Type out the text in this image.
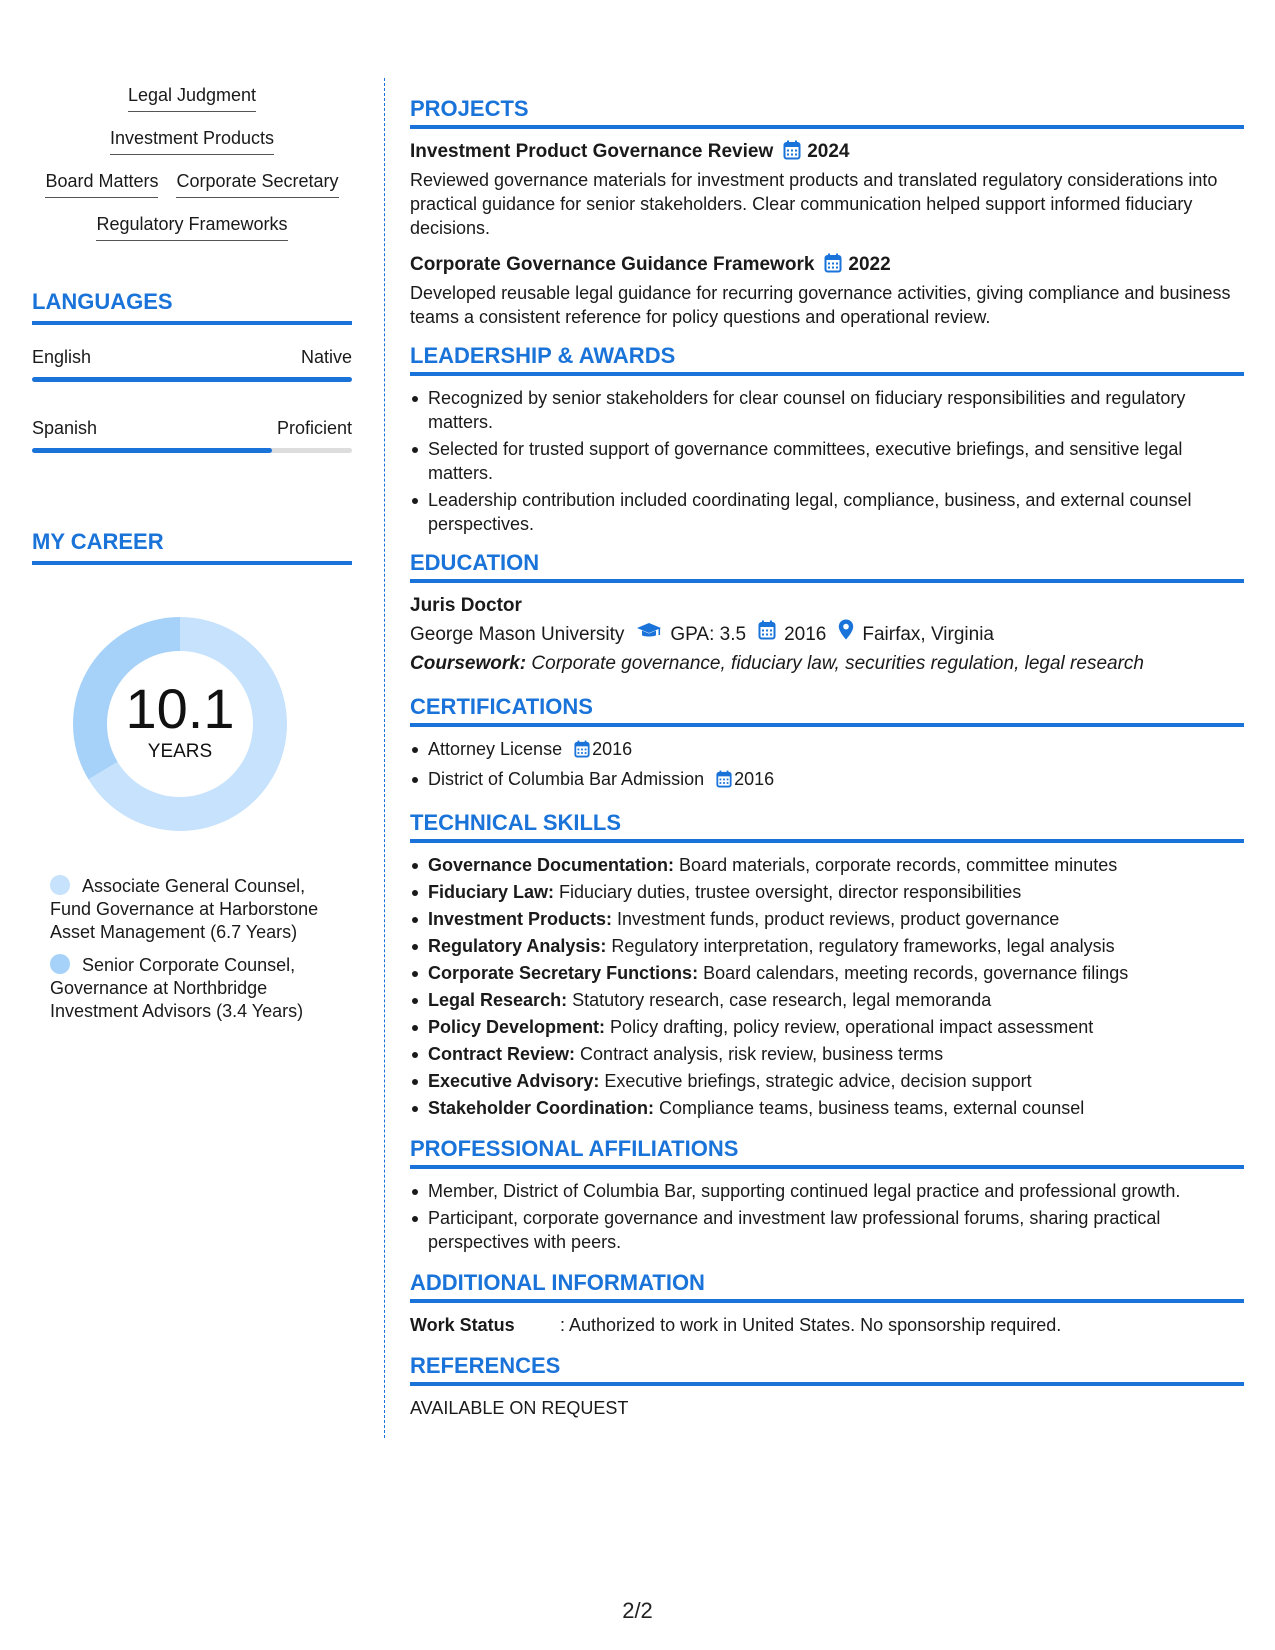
Legal Judgment
Investment Products
Board Matters Corporate Secretary
Regulatory Frameworks
LANGUAGES
English	Native
Spanish	Proficient
MY CAREER
10.1
YEARS
Associate General Counsel, Fund Governance at Harborstone Asset Management (6.7 Years)
Senior Corporate Counsel, Governance at Northbridge Investment Advisors (3.4 Years)
PROJECTS
Investment Product Governance Review 2024
Reviewed governance materials for investment products and translated regulatory considerations into practical guidance for senior stakeholders. Clear communication helped support informed fiduciary decisions.
Corporate Governance Guidance Framework 2022
Developed reusable legal guidance for recurring governance activities, giving compliance and business teams a consistent reference for policy questions and operational review.
LEADERSHIP & AWARDS
Recognized by senior stakeholders for clear counsel on fiduciary responsibilities and regulatory matters.
Selected for trusted support of governance committees, executive briefings, and sensitive legal matters.
Leadership contribution included coordinating legal, compliance, business, and external counsel perspectives.
EDUCATION
Juris Doctor
George Mason University GPA: 3.5 2016 Fairfax, Virginia
Coursework: Corporate governance, fiduciary law, securities regulation, legal research
CERTIFICATIONS
Attorney License 2016
District of Columbia Bar Admission 2016
TECHNICAL SKILLS
Governance Documentation: Board materials, corporate records, committee minutes
Fiduciary Law: Fiduciary duties, trustee oversight, director responsibilities
Investment Products: Investment funds, product reviews, product governance
Regulatory Analysis: Regulatory interpretation, regulatory frameworks, legal analysis
Corporate Secretary Functions: Board calendars, meeting records, governance filings
Legal Research: Statutory research, case research, legal memoranda
Policy Development: Policy drafting, policy review, operational impact assessment
Contract Review: Contract analysis, risk review, business terms
Executive Advisory: Executive briefings, strategic advice, decision support
Stakeholder Coordination: Compliance teams, business teams, external counsel
PROFESSIONAL AFFILIATIONS
Member, District of Columbia Bar, supporting continued legal practice and professional growth.
Participant, corporate governance and investment law professional forums, sharing practical perspectives with peers.
ADDITIONAL INFORMATION
Work Status	: Authorized to work in United States. No sponsorship required.
REFERENCES
AVAILABLE ON REQUEST
2/2
